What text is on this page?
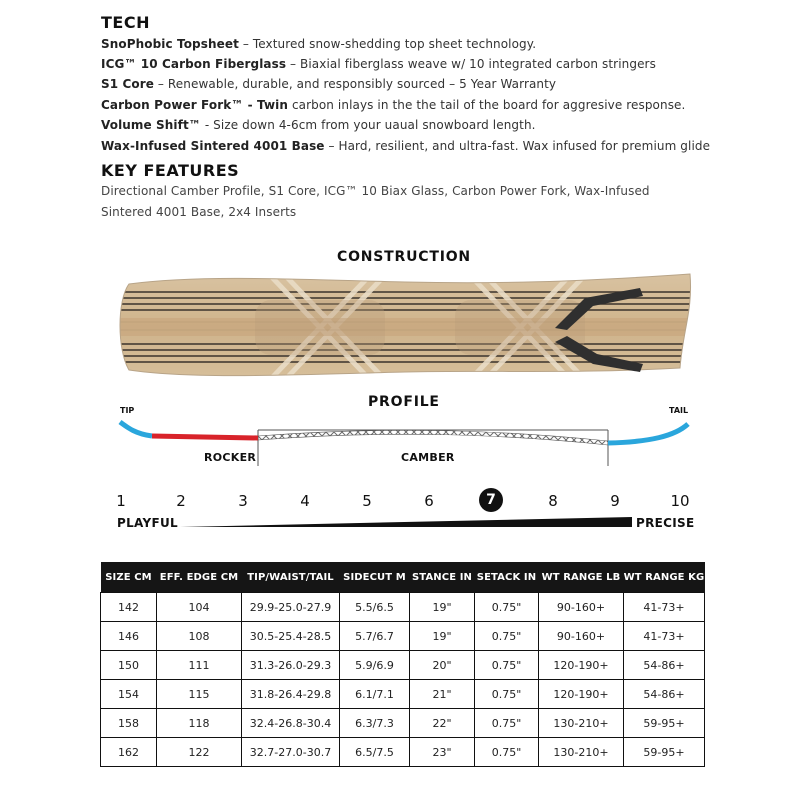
TECH
SnoPhobic Topsheet – Textured snow-shedding top sheet technology.
ICG™ 10 Carbon Fiberglass – Biaxial fiberglass weave w/ 10 integrated carbon stringers
S1 Core – Renewable, durable, and responsibly sourced – 5 Year Warranty
Carbon Power Fork™ - Twin carbon inlays in the the tail of the board for aggresive response.
Volume Shift™ - Size down 4-6cm from your uaual snowboard length.
Wax-Infused Sintered 4001 Base – Hard, resilient, and ultra-fast. Wax infused for premium glide
KEY FEATURES
Directional Camber Profile, S1 Core, ICG™ 10 Biax Glass, Carbon Power Fork, Wax-Infused
Sintered 4001 Base, 2x4 Inserts
CONSTRUCTION
PROFILE
TIP	TAIL
ROCKER	CAMBER
1	2	3	4	5	6	7	8	9	10
PLAYFUL	PRECISE
SIZE CM	EFF. EDGE CM	TIP/WAIST/TAIL	SIDECUT M	STANCE IN	SETACK IN	WT RANGE LB	WT RANGE KG
142	104	29.9-25.0-27.9	5.5/6.5	19"	0.75"	90-160+	41-73+
146	108	30.5-25.4-28.5	5.7/6.7	19"	0.75"	90-160+	41-73+
150	111	31.3-26.0-29.3	5.9/6.9	20"	0.75"	120-190+	54-86+
154	115	31.8-26.4-29.8	6.1/7.1	21"	0.75"	120-190+	54-86+
158	118	32.4-26.8-30.4	6.3/7.3	22"	0.75"	130-210+	59-95+
162	122	32.7-27.0-30.7	6.5/7.5	23"	0.75"	130-210+	59-95+
